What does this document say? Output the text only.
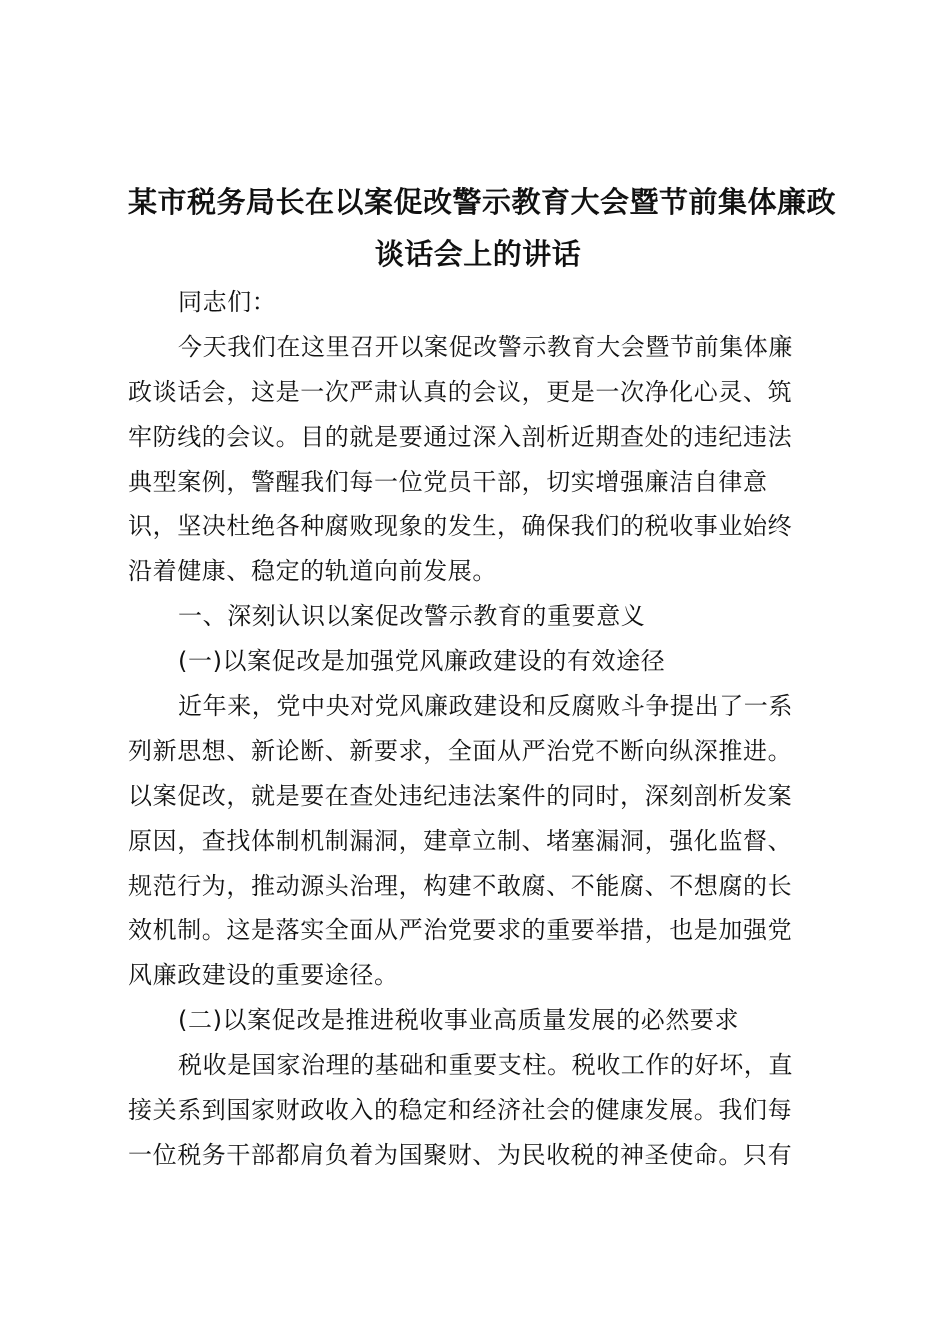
某市税务局长在以案促改警示教育大会暨节前集体廉政
谈话会上的讲话
同志们：
今天我们在这里召开以案促改警示教育大会暨节前集体廉
政谈话会，这是一次严肃认真的会议，更是一次净化心灵、筑
牢防线的会议。目的就是要通过深入剖析近期查处的违纪违法
典型案例，警醒我们每一位党员干部，切实增强廉洁自律意
识，坚决杜绝各种腐败现象的发生，确保我们的税收事业始终
沿着健康、稳定的轨道向前发展。
一、深刻认识以案促改警示教育的重要意义
(一)以案促改是加强党风廉政建设的有效途径
近年来，党中央对党风廉政建设和反腐败斗争提出了一系
列新思想、新论断、新要求，全面从严治党不断向纵深推进。
以案促改，就是要在查处违纪违法案件的同时，深刻剖析发案
原因，查找体制机制漏洞，建章立制、堵塞漏洞，强化监督、
规范行为，推动源头治理，构建不敢腐、不能腐、不想腐的长
效机制。这是落实全面从严治党要求的重要举措，也是加强党
风廉政建设的重要途径。
(二)以案促改是推进税收事业高质量发展的必然要求
税收是国家治理的基础和重要支柱。税收工作的好坏，直
接关系到国家财政收入的稳定和经济社会的健康发展。我们每
一位税务干部都肩负着为国聚财、为民收税的神圣使命。只有
